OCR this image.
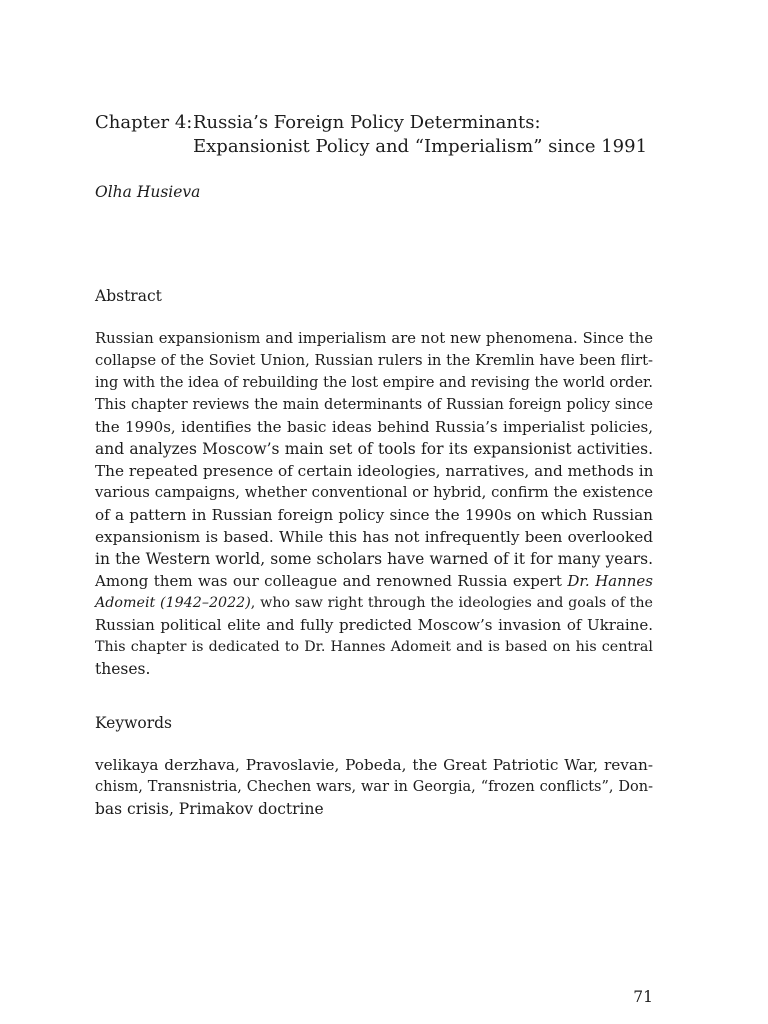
Chapter 4: Russia’s Foreign Policy Determinants:
Expansionist Policy and “Imperialism” since 1991
Olha Husieva
Abstract
Russian expansionism and imperialism are not new phenomena. Since the
collapse of the Soviet Union, Russian rulers in the Kremlin have been flirt-
ing with the idea of rebuilding the lost empire and revising the world order.
This chapter reviews the main determinants of Russian foreign policy since
the 1990s, identifies the basic ideas behind Russia’s imperialist policies,
and analyzes Moscow’s main set of tools for its expansionist activities.
The repeated presence of certain ideologies, narratives, and methods in
various campaigns, whether conventional or hybrid, confirm the existence
of a pattern in Russian foreign policy since the 1990s on which Russian
expansionism is based. While this has not infrequently been overlooked
in the Western world, some scholars have warned of it for many years.
Among them was our colleague and renowned Russia expert Dr. Hannes
Adomeit (1942–2022), who saw right through the ideologies and goals of the
Russian political elite and fully predicted Moscow’s invasion of Ukraine.
This chapter is dedicated to Dr. Hannes Adomeit and is based on his central
theses.
Keywords
velikaya derzhava, Pravoslavie, Pobeda, the Great Patriotic War, revan-
chism, Transnistria, Chechen wars, war in Georgia, “frozen conflicts”, Don-
bas crisis, Primakov doctrine
71
